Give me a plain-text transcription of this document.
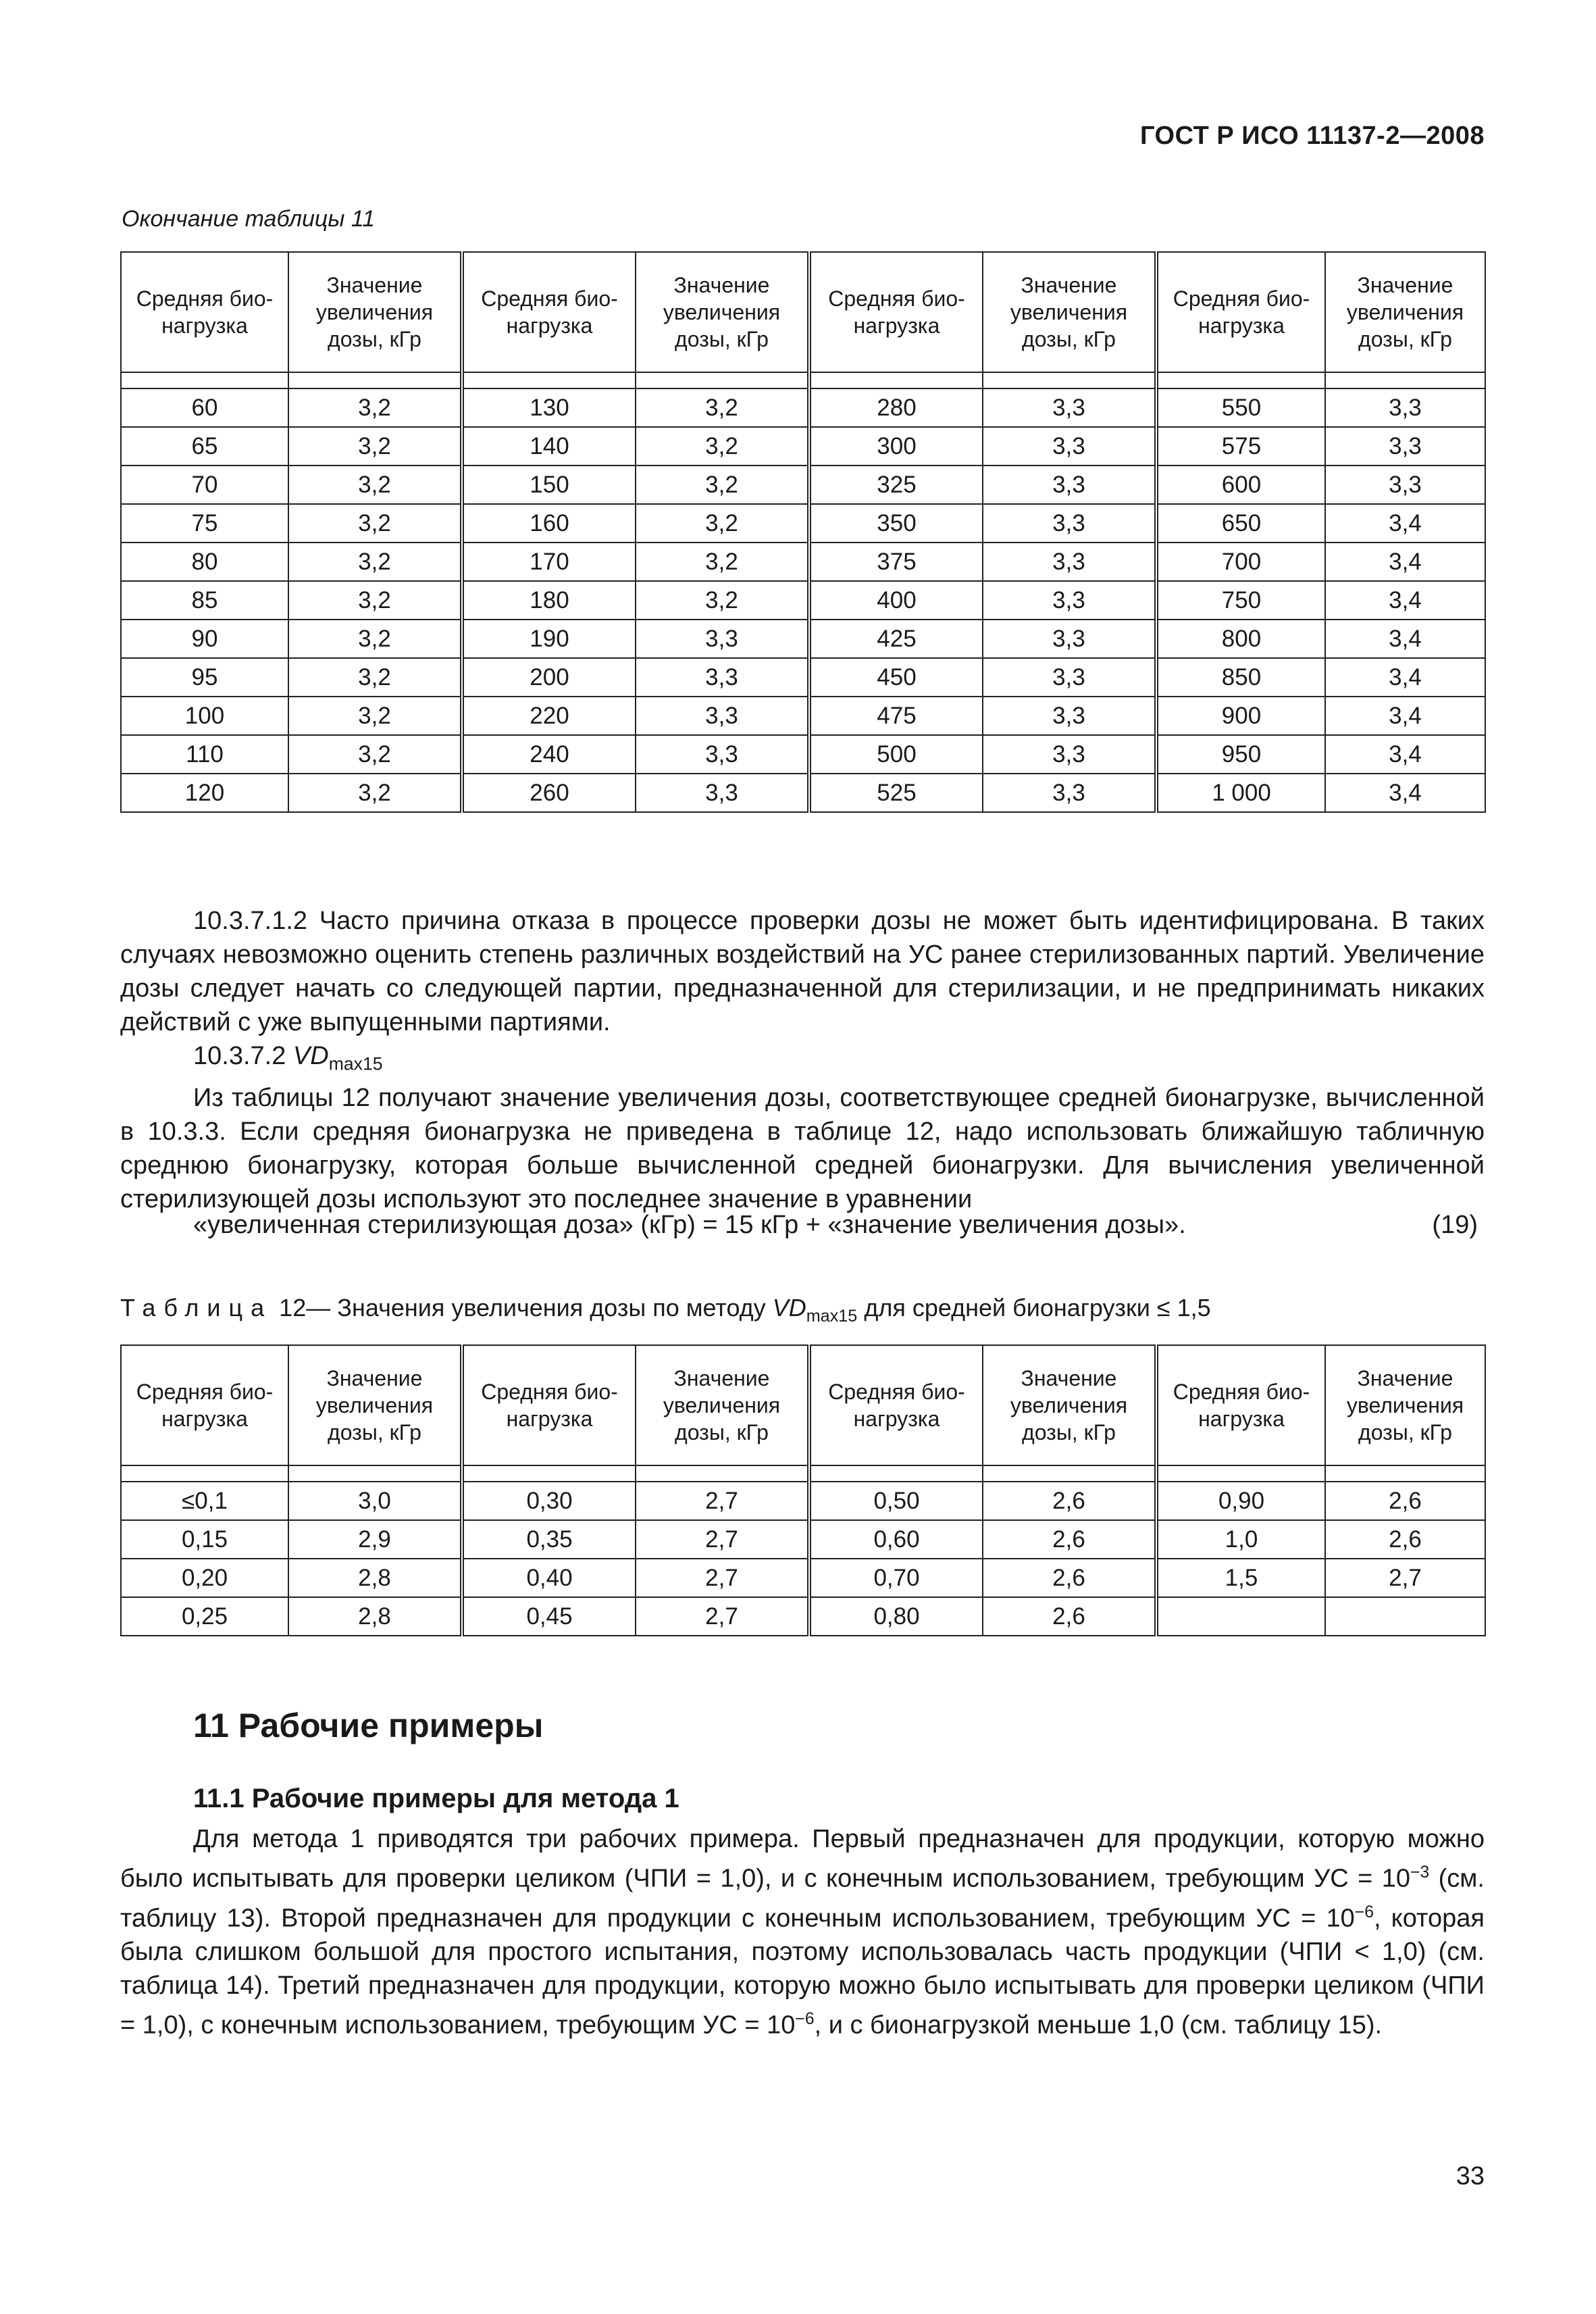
ГОСТ Р ИСО 11137-2—2008
Окончание таблицы 11
Средняя био-нагрузка	Значение увеличения дозы, кГр	Средняя био-нагрузка	Значение увеличения дозы, кГр	Средняя био-нагрузка	Значение увеличения дозы, кГр	Средняя био-нагрузка	Значение увеличения дозы, кГр

60	3,2	130	3,2	280	3,3	550	3,3
65	3,2	140	3,2	300	3,3	575	3,3
70	3,2	150	3,2	325	3,3	600	3,3
75	3,2	160	3,2	350	3,3	650	3,4
80	3,2	170	3,2	375	3,3	700	3,4
85	3,2	180	3,2	400	3,3	750	3,4
90	3,2	190	3,3	425	3,3	800	3,4
95	3,2	200	3,3	450	3,3	850	3,4
100	3,2	220	3,3	475	3,3	900	3,4
110	3,2	240	3,3	500	3,3	950	3,4
120	3,2	260	3,3	525	3,3	1 000	3,4

10.3.7.1.2 Часто причина отказа в процессе проверки дозы не может быть идентифицирована. В таких случаях невозможно оценить степень различных воздействий на УС ранее стерилизованных партий. Увеличение дозы следует начать со следующей партии, предназначенной для стерилизации, и не предпринимать никаких действий с уже выпущенными партиями.

10.3.7.2 $VD_{max15}$

Из таблицы 12 получают значение увеличения дозы, соответствующее средней бионагрузке, вычисленной в 10.3.3. Если средняя бионагрузка не приведена в таблице 12, надо использовать ближайшую табличную среднюю бионагрузку, которая больше вычисленной средней бионагрузки. Для вычисления увеличенной стерилизующей дозы используют это последнее значение в уравнении

«увеличенная стерилизующая доза» (кГр) = 15 кГр + «значение увеличения дозы».	(19)
Таблица 12— Значения увеличения дозы по методу $VD_{max15}$ для средней бионагрузки ≤ 1,5
Средняя био-нагрузка	Значение увеличения дозы, кГр	Средняя био-нагрузка	Значение увеличения дозы, кГр	Средняя био-нагрузка	Значение увеличения дозы, кГр	Средняя био-нагрузка	Значение увеличения дозы, кГр

≤0,1	3,0	0,30	2,7	0,50	2,6	0,90	2,6
0,15	2,9	0,35	2,7	0,60	2,6	1,0	2,6
0,20	2,8	0,40	2,7	0,70	2,6	1,5	2,7
0,25	2,8	0,45	2,7	0,80	2,6		
11 Рабочие примеры
11.1 Рабочие примеры для метода 1

Для метода 1 приводятся три рабочих примера. Первый предназначен для продукции, которую можно было испытывать для проверки целиком (ЧПИ = 1,0), и с конечным использованием, требующим УС = $10^{-3}$ (см. таблицу 13). Второй предназначен для продукции с конечным использованием, требующим УС = $10^{-6}$, которая была слишком большой для простого испытания, поэтому использовалась часть продукции (ЧПИ < 1,0) (см. таблица 14). Третий предназначен для продукции, которую можно было испытывать для проверки целиком (ЧПИ = 1,0), с конечным использованием, требующим УС = $10^{-6}$, и с бионагрузкой меньше 1,0 (см. таблицу 15).

33
